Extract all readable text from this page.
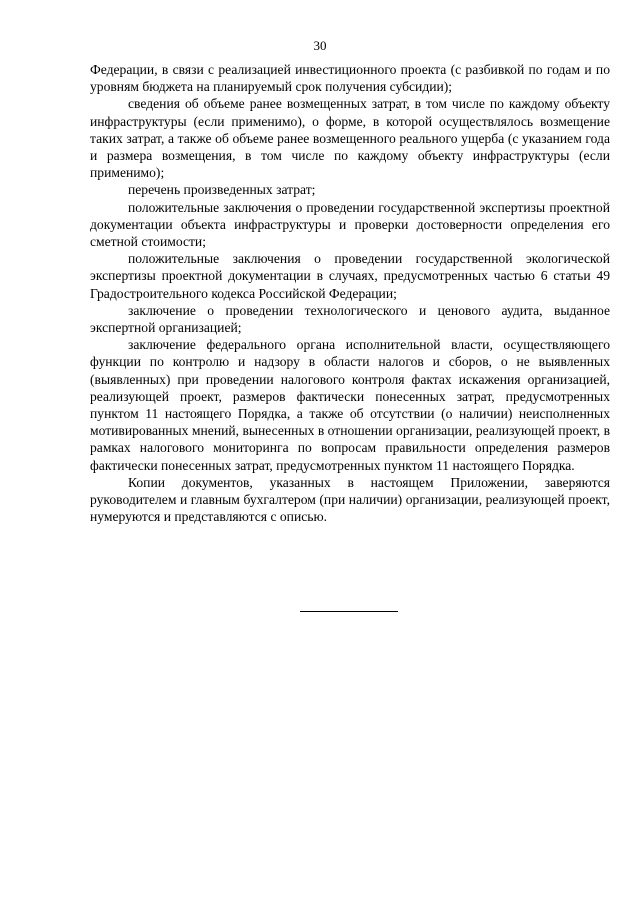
30

Федерации, в связи с реализацией инвестиционного проекта (с разбивкой по годам и по уровням бюджета на планируемый срок получения субсидии);

сведения об объеме ранее возмещенных затрат, в том числе по каждому объекту инфраструктуры (если применимо), о форме, в которой осуществлялось возмещение таких затрат, а также об объеме ранее возмещенного реального ущерба (с указанием года и размера возмещения, в том числе по каждому объекту инфраструктуры (если применимо);

перечень произведенных затрат;

положительные заключения о проведении государственной экспертизы проектной документации объекта инфраструктуры и проверки достоверности определения его сметной стоимости;

положительные заключения о проведении государственной экологической экспертизы проектной документации в случаях, предусмотренных частью 6 статьи 49 Градостроительного кодекса Российской Федерации;

заключение о проведении технологического и ценового аудита, выданное экспертной организацией;

заключение федерального органа исполнительной власти, осуществляющего функции по контролю и надзору в области налогов и сборов, о не выявленных (выявленных) при проведении налогового контроля фактах искажения организацией, реализующей проект, размеров фактически понесенных затрат, предусмотренных пунктом 11 настоящего Порядка, а также об отсутствии (о наличии) неисполненных мотивированных мнений, вынесенных в отношении организации, реализующей проект, в рамках налогового мониторинга по вопросам правильности определения размеров фактически понесенных затрат, предусмотренных пунктом 11 настоящего Порядка.

Копии документов, указанных в настоящем Приложении, заверяются руководителем и главным бухгалтером (при наличии) организации, реализующей проект, нумеруются и представляются с описью.
